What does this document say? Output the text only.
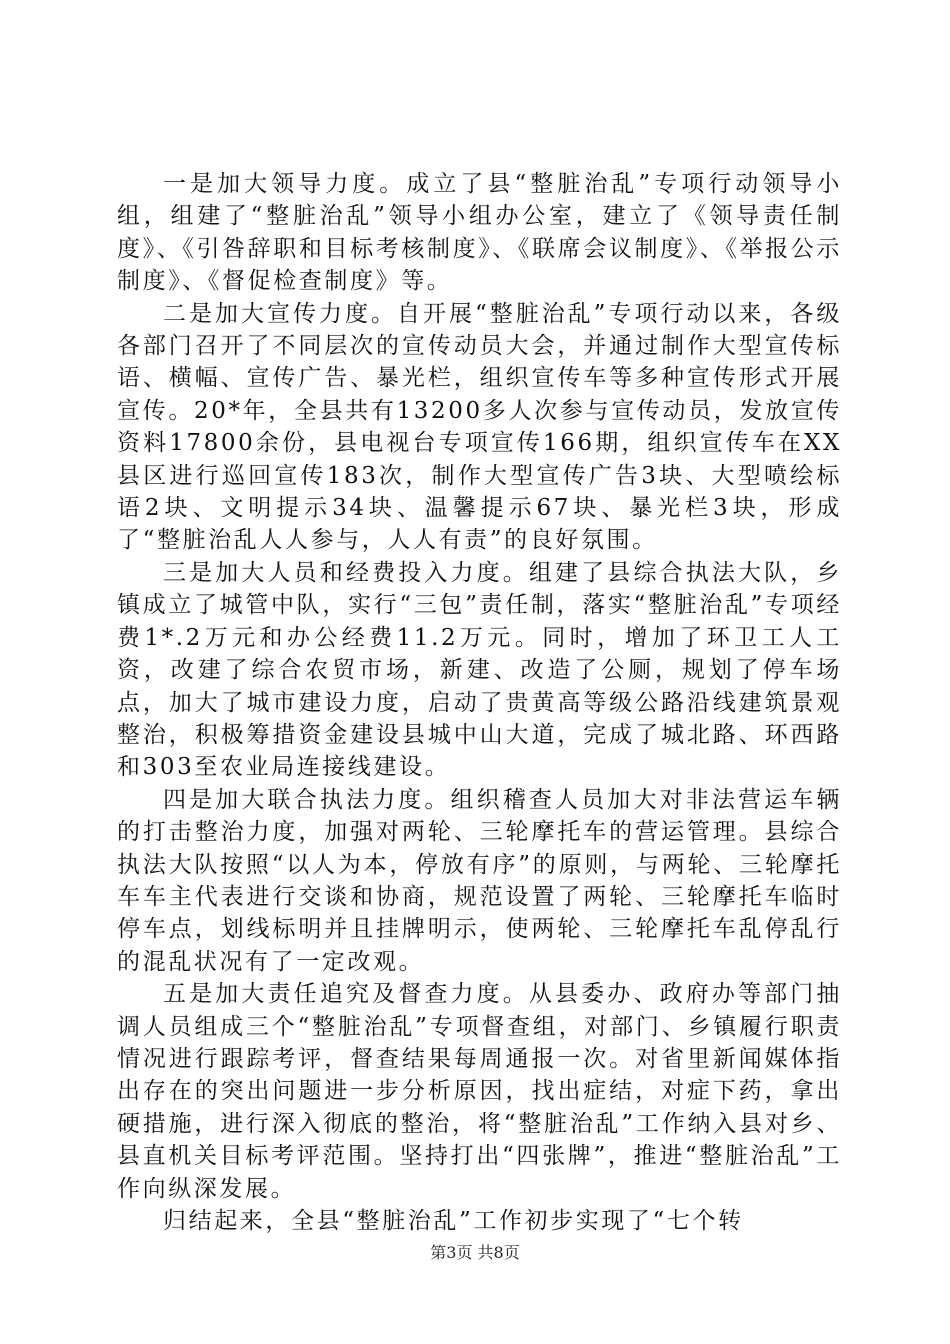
一是加大领导力度。成立了县“整脏治乱”专项行动领导小组，组建了“整脏治乱”领导小组办公室，建立了《领导责任制度》、《引咎辞职和目标考核制度》、《联席会议制度》、《举报公示制度》、《督促检查制度》等。

二是加大宣传力度。自开展“整脏治乱”专项行动以来，各级各部门召开了不同层次的宣传动员大会，并通过制作大型宣传标语、横幅、宣传广告、暴光栏，组织宣传车等多种宣传形式开展宣传。20*年，全县共有13200多人次参与宣传动员，发放宣传资料17800余份，县电视台专项宣传166期，组织宣传车在XX县区进行巡回宣传183次，制作大型宣传广告3块、大型喷绘标语2块、文明提示34块、温馨提示67块、暴光栏3块，形成了“整脏治乱人人参与，人人有责”的良好氛围。

三是加大人员和经费投入力度。组建了县综合执法大队，乡镇成立了城管中队，实行“三包”责任制，落实“整脏治乱”专项经费1*.2万元和办公经费11.2万元。同时，增加了环卫工人工资，改建了综合农贸市场，新建、改造了公厕，规划了停车场点，加大了城市建设力度，启动了贵黄高等级公路沿线建筑景观整治，积极筹措资金建设县城中山大道，完成了城北路、环西路和303至农业局连接线建设。

四是加大联合执法力度。组织稽查人员加大对非法营运车辆的打击整治力度，加强对两轮、三轮摩托车的营运管理。县综合执法大队按照“以人为本，停放有序”的原则，与两轮、三轮摩托车车主代表进行交谈和协商，规范设置了两轮、三轮摩托车临时停车点，划线标明并且挂牌明示，使两轮、三轮摩托车乱停乱行的混乱状况有了一定改观。

五是加大责任追究及督查力度。从县委办、政府办等部门抽调人员组成三个“整脏治乱”专项督查组，对部门、乡镇履行职责情况进行跟踪考评，督查结果每周通报一次。对省里新闻媒体指出存在的突出问题进一步分析原因，找出症结，对症下药，拿出硬措施，进行深入彻底的整治，将“整脏治乱”工作纳入县对乡、县直机关目标考评范围。坚持打出“四张牌”，推进“整脏治乱”工作向纵深发展。

归结起来，全县“整脏治乱”工作初步实现了“七个转

第3页 共8页
